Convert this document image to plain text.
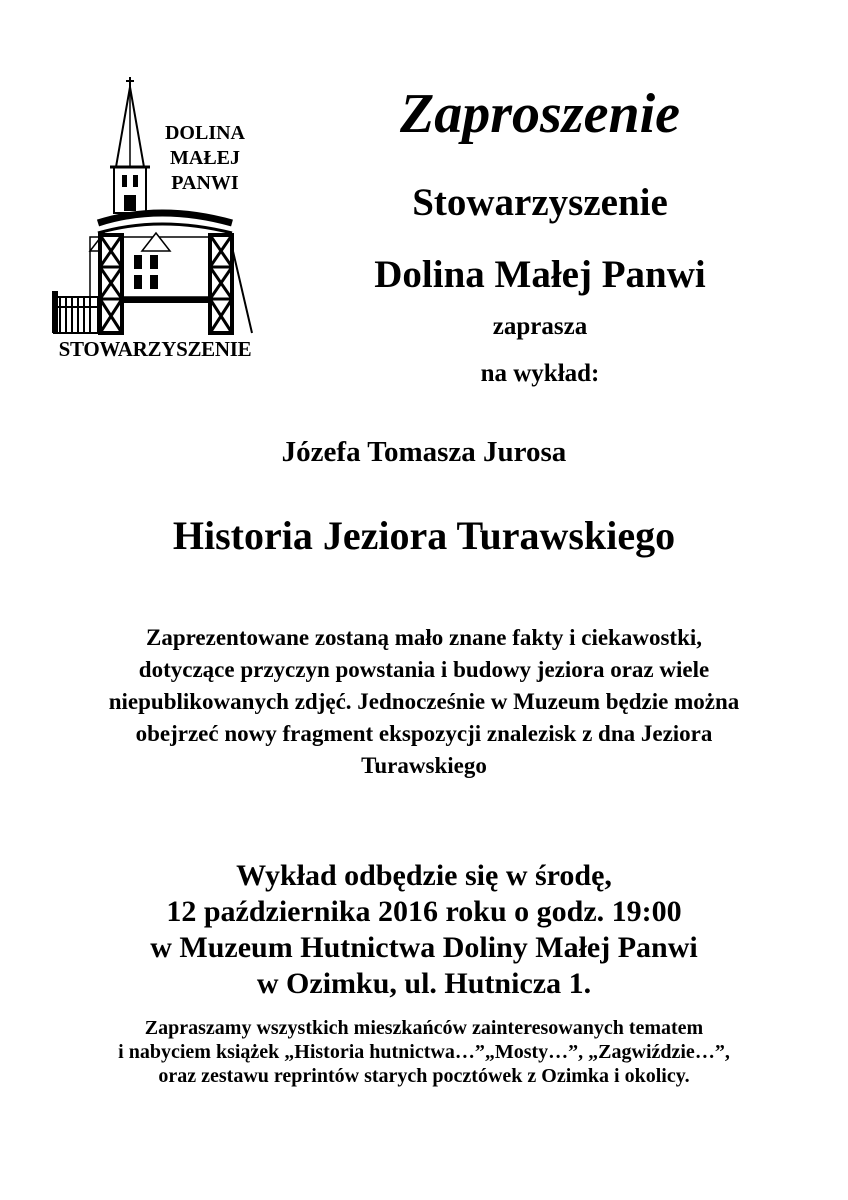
DOLINA
MAŁEJ
PANWI
STOWARZYSZENIE
Zaproszenie
Stowarzyszenie
Dolina Małej Panwi
zaprasza
na wykład:
Józefa Tomasza Jurosa
Historia Jeziora Turawskiego
Zaprezentowane zostaną mało znane fakty i ciekawostki,
dotyczące przyczyn powstania i budowy jeziora oraz wiele
niepublikowanych zdjęć. Jednocześnie w Muzeum będzie można
obejrzeć nowy fragment ekspozycji znalezisk z dna Jeziora
Turawskiego
Wykład odbędzie się w środę,
12 października 2016 roku o godz. 19:00
w Muzeum Hutnictwa Doliny Małej Panwi
w Ozimku, ul. Hutnicza 1.
Zapraszamy wszystkich mieszkańców zainteresowanych tematem
i nabyciem książek „Historia hutnictwa…”„Mosty…”, „Zagwiździe…”,
oraz zestawu reprintów starych pocztówek z Ozimka i okolicy.
